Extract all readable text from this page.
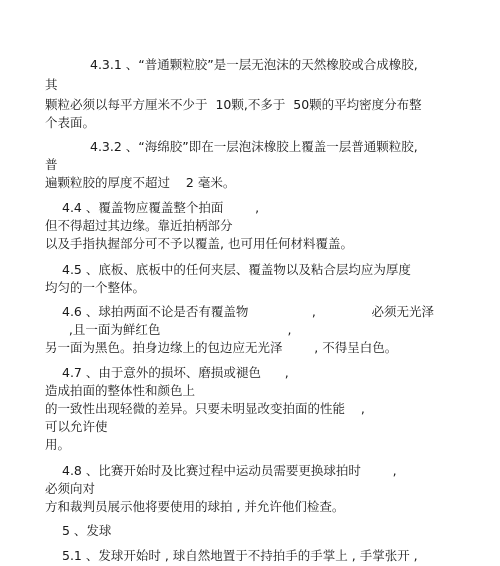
4.3.1 、“普通颗粒胶”是一层无泡沫的天然橡胶或合成橡胶,
其
颗粒必须以每平方厘米不少于  10颗,不多于  50颗的平均密度分布整
个表面。
4.3.2 、“海绵胶”即在一层泡沫橡胶上覆盖一层普通颗粒胶,
普
遍颗粒胶的厚度不超过    2 毫米。
4.4 、覆盖物应覆盖整个拍面        ,
但不得超过其边缘。靠近拍柄部分
以及手指执握部分可不予以覆盖, 也可用任何材料覆盖。
4.5 、底板、底板中的任何夹层、覆盖物以及粘合层均应为厚度
均匀的一个整体。
4.6 、球拍两面不论是否有覆盖物                ,              必须无光泽
,且一面为鲜红色                                ,
另一面为黑色。拍身边缘上的包边应无光泽        , 不得呈白色。
4.7 、由于意外的损坏、磨损或褪色      ,
造成拍面的整体性和颜色上
的一致性出现轻微的差异。只要未明显改变拍面的性能    ,
可以允许使
用。
4.8 、比赛开始时及比赛过程中运动员需要更换球拍时        ,
必须向对
方和裁判员展示他将要使用的球拍 , 并允许他们检查。
5 、发球
5.1 、发球开始时 , 球自然地置于不持拍手的手掌上 , 手掌张开 ,
